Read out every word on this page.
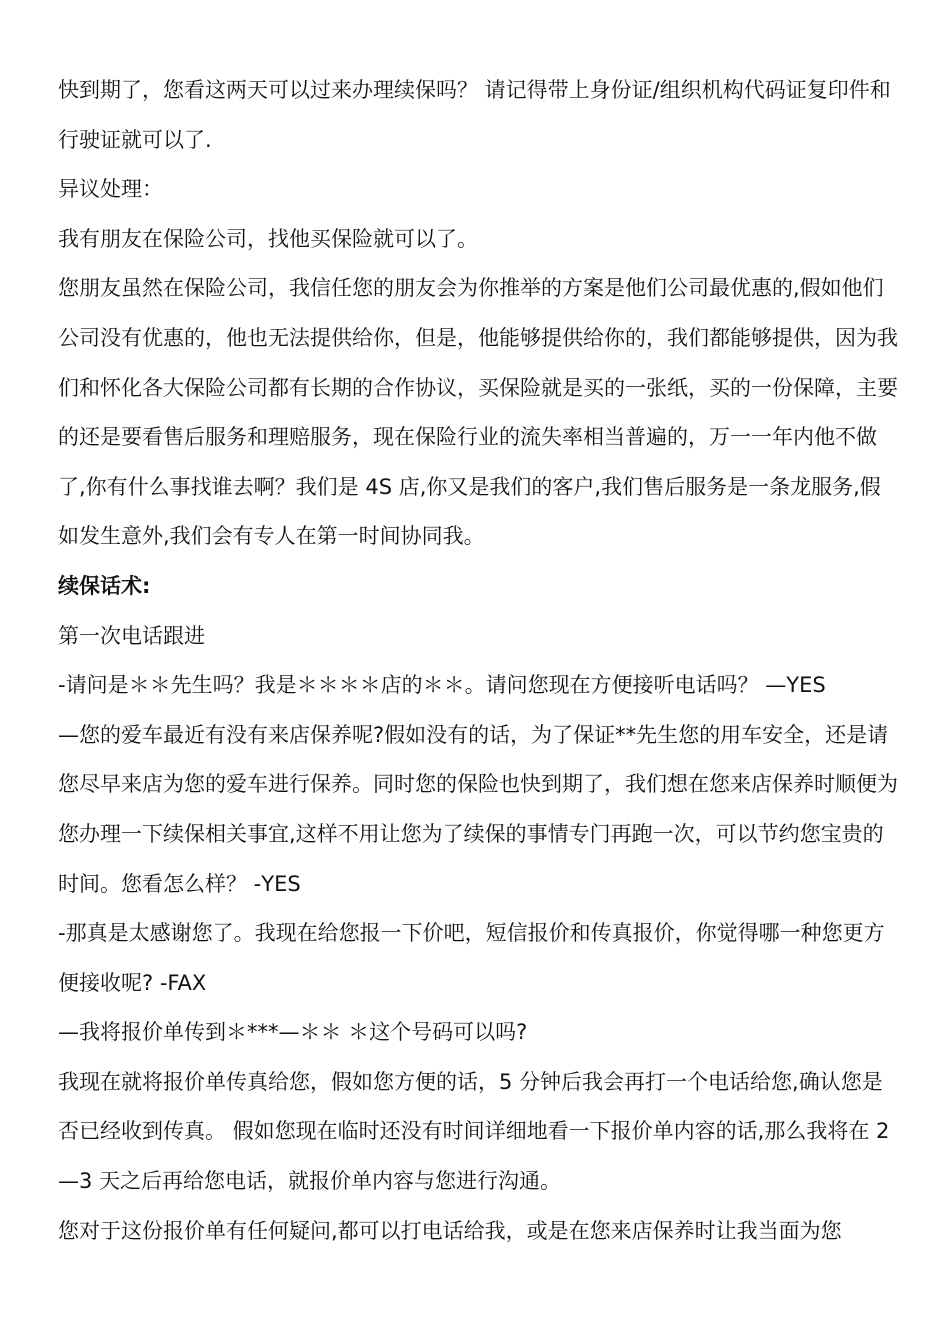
快到期了，您看这两天可以过来办理续保吗？ 请记得带上身份证/组织机构代码证复印件和行驶证就可以了.

异议处理：

我有朋友在保险公司，找他买保险就可以了。

您朋友虽然在保险公司，我信任您的朋友会为你推举的方案是他们公司最优惠的,假如他们公司没有优惠的，他也无法提供给你，但是，他能够提供给你的，我们都能够提供，因为我们和怀化各大保险公司都有长期的合作协议，买保险就是买的一张纸，买的一份保障，主要的还是要看售后服务和理赔服务，现在保险行业的流失率相当普遍的，万一一年内他不做了,你有什么事找谁去啊？我们是 4S 店,你又是我们的客户,我们售后服务是一条龙服务,假如发生意外,我们会有专人在第一时间协同我。

续保话术:

第一次电话跟进

-请问是＊＊先生吗？我是＊＊＊＊店的＊＊。请问您现在方便接听电话吗？ —YES

—您的爱车最近有没有来店保养呢?假如没有的话，为了保证**先生您的用车安全，还是请您尽早来店为您的爱车进行保养。同时您的保险也快到期了，我们想在您来店保养时顺便为您办理一下续保相关事宜,这样不用让您为了续保的事情专门再跑一次，可以节约您宝贵的时间。您看怎么样？ -YES

-那真是太感谢您了。我现在给您报一下价吧，短信报价和传真报价，你觉得哪一种您更方便接收呢? -FAX

—我将报价单传到＊***—＊＊ ＊这个号码可以吗?

我现在就将报价单传真给您，假如您方便的话，5 分钟后我会再打一个电话给您,确认您是否已经收到传真。 假如您现在临时还没有时间详细地看一下报价单内容的话,那么我将在 2—3 天之后再给您电话，就报价单内容与您进行沟通。

您对于这份报价单有任何疑问,都可以打电话给我，或是在您来店保养时让我当面为您
